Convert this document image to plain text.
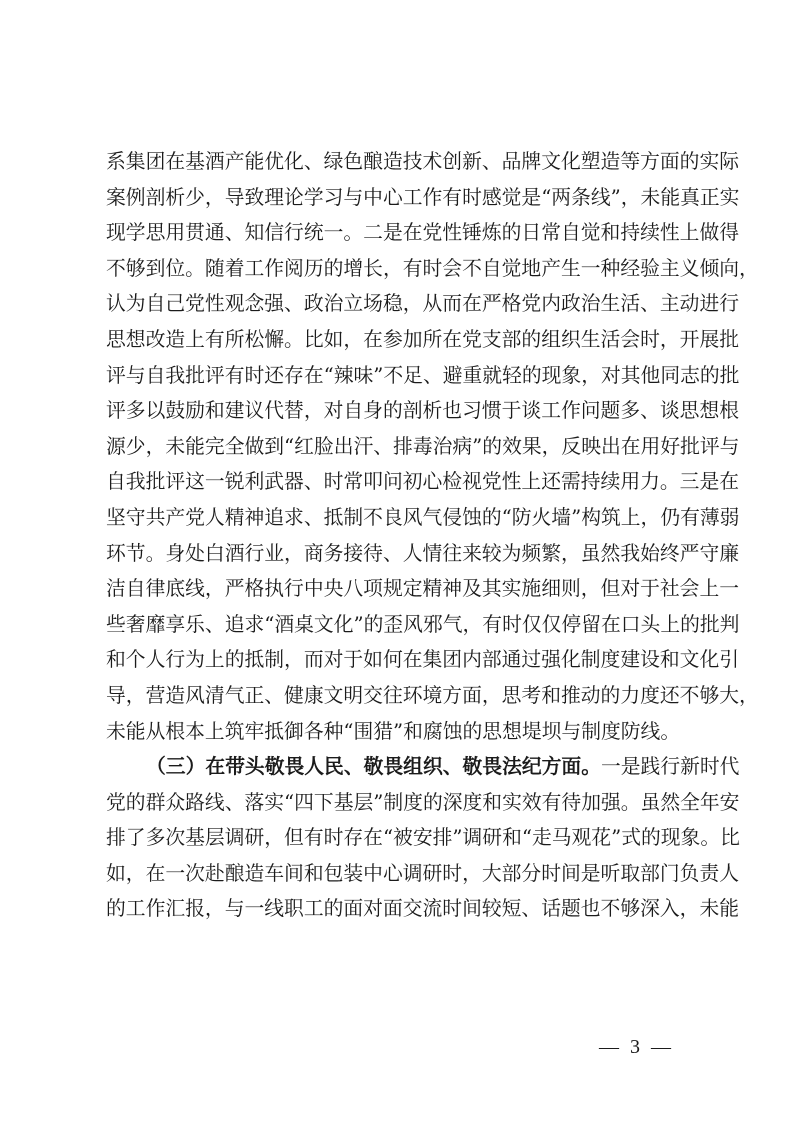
系集团在基酒产能优化、绿色酿造技术创新、品牌文化塑造等方面的实际
案例剖析少，导致理论学习与中心工作有时感觉是“两条线”，未能真正实
现学思用贯通、知信行统一。二是在党性锤炼的日常自觉和持续性上做得
不够到位。随着工作阅历的增长，有时会不自觉地产生一种经验主义倾向，
认为自己党性观念强、政治立场稳，从而在严格党内政治生活、主动进行
思想改造上有所松懈。比如，在参加所在党支部的组织生活会时，开展批
评与自我批评有时还存在“辣味”不足、避重就轻的现象，对其他同志的批
评多以鼓励和建议代替，对自身的剖析也习惯于谈工作问题多、谈思想根
源少，未能完全做到“红脸出汗、排毒治病”的效果，反映出在用好批评与
自我批评这一锐利武器、时常叩问初心检视党性上还需持续用力。三是在
坚守共产党人精神追求、抵制不良风气侵蚀的“防火墙”构筑上，仍有薄弱
环节。身处白酒行业，商务接待、人情往来较为频繁，虽然我始终严守廉
洁自律底线，严格执行中央八项规定精神及其实施细则，但对于社会上一
些奢靡享乐、追求“酒桌文化”的歪风邪气，有时仅仅停留在口头上的批判
和个人行为上的抵制，而对于如何在集团内部通过强化制度建设和文化引
导，营造风清气正、健康文明交往环境方面，思考和推动的力度还不够大，
未能从根本上筑牢抵御各种“围猎”和腐蚀的思想堤坝与制度防线。
（三）在带头敬畏人民、敬畏组织、敬畏法纪方面。一是践行新时代
党的群众路线、落实“四下基层”制度的深度和实效有待加强。虽然全年安
排了多次基层调研，但有时存在“被安排”调研和“走马观花”式的现象。比
如，在一次赴酿造车间和包装中心调研时，大部分时间是听取部门负责人
的工作汇报，与一线职工的面对面交流时间较短、话题也不够深入，未能
— 3 —
